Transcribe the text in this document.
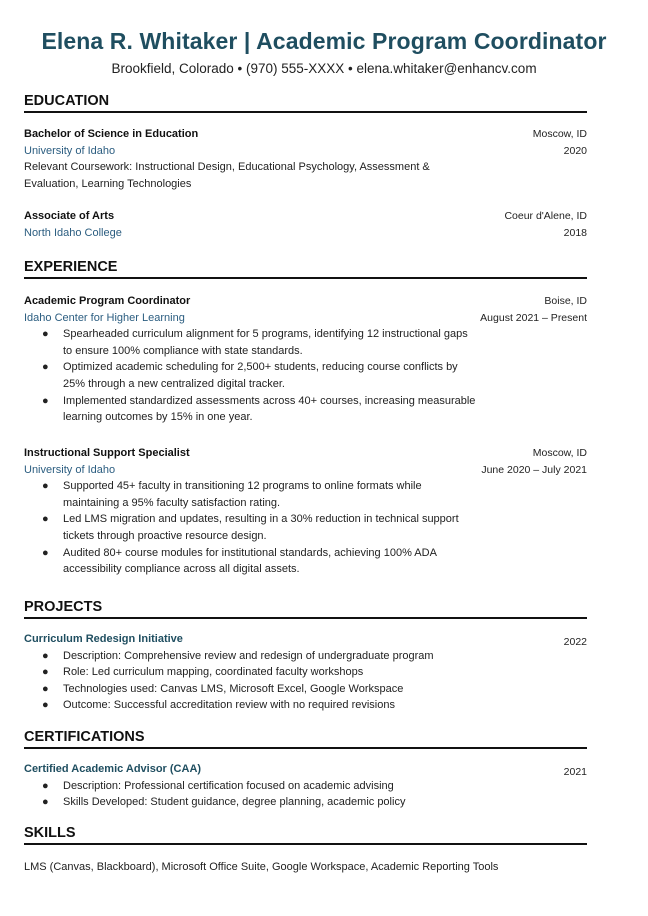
Elena R. Whitaker | Academic Program Coordinator
Brookfield, Colorado • (970) 555-XXXX • elena.whitaker@enhancv.com
EDUCATION
Bachelor of Science in Education	Moscow, ID
University of Idaho	2020
Relevant Coursework: Instructional Design, Educational Psychology, Assessment &
Evaluation, Learning Technologies
Associate of Arts	Coeur d'Alene, ID
North Idaho College	2018
EXPERIENCE
Academic Program Coordinator	Boise, ID
Idaho Center for Higher Learning	August 2021 – Present
● Spearheaded curriculum alignment for 5 programs, identifying 12 instructional gaps to ensure 100% compliance with state standards.
● Optimized academic scheduling for 2,500+ students, reducing course conflicts by 25% through a new centralized digital tracker.
● Implemented standardized assessments across 40+ courses, increasing measurable learning outcomes by 15% in one year.
Instructional Support Specialist	Moscow, ID
University of Idaho	June 2020 – July 2021
● Supported 45+ faculty in transitioning 12 programs to online formats while maintaining a 95% faculty satisfaction rating.
● Led LMS migration and updates, resulting in a 30% reduction in technical support tickets through proactive resource design.
● Audited 80+ course modules for institutional standards, achieving 100% ADA accessibility compliance across all digital assets.
PROJECTS
Curriculum Redesign Initiative	2022
● Description: Comprehensive review and redesign of undergraduate program
● Role: Led curriculum mapping, coordinated faculty workshops
● Technologies used: Canvas LMS, Microsoft Excel, Google Workspace
● Outcome: Successful accreditation review with no required revisions
CERTIFICATIONS
Certified Academic Advisor (CAA)	2021
● Description: Professional certification focused on academic advising
● Skills Developed: Student guidance, degree planning, academic policy
SKILLS
LMS (Canvas, Blackboard), Microsoft Office Suite, Google Workspace, Academic Reporting Tools
